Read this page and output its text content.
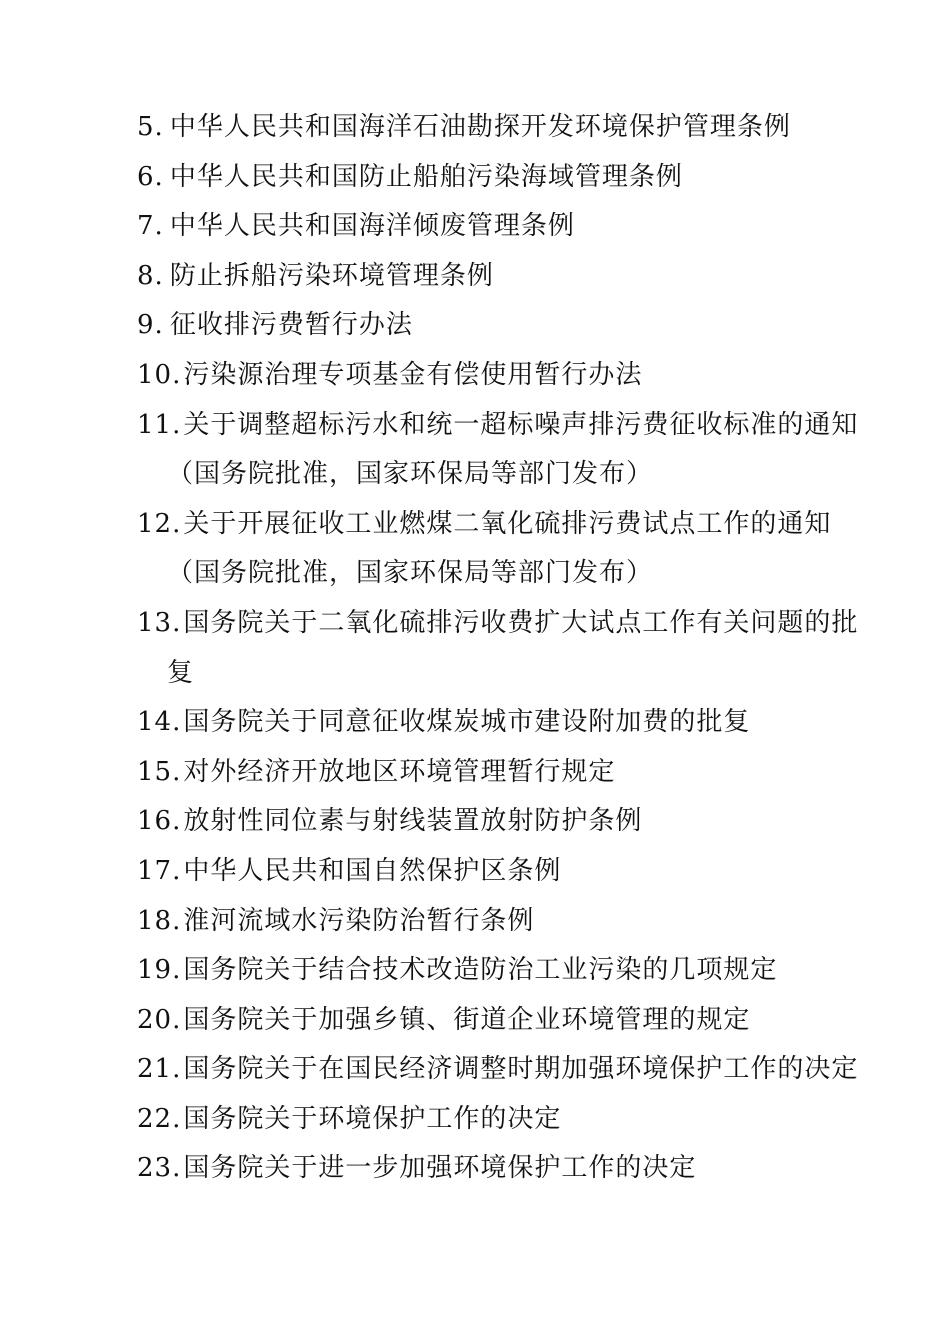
5. 中华人民共和国海洋石油勘探开发环境保护管理条例
6. 中华人民共和国防止船舶污染海域管理条例
7. 中华人民共和国海洋倾废管理条例
8. 防止拆船污染环境管理条例
9. 征收排污费暂行办法
10. 污染源治理专项基金有偿使用暂行办法
11.关于调整超标污水和统一超标噪声排污费征收标准的通知（国务院批准，国家环保局等部门发布）
12.关于开展征收工业燃煤二氧化硫排污费试点工作的通知（国务院批准，国家环保局等部门发布）
13.国务院关于二氧化硫排污收费扩大试点工作有关问题的批复
14. 国务院关于同意征收煤炭城市建设附加费的批复
15. 对外经济开放地区环境管理暂行规定
16. 放射性同位素与射线装置放射防护条例
17. 中华人民共和国自然保护区条例
18. 淮河流域水污染防治暂行条例
19. 国务院关于结合技术改造防治工业污染的几项规定
20. 国务院关于加强乡镇、街道企业环境管理的规定
21.国务院关于在国民经济调整时期加强环境保护工作的决定
22. 国务院关于环境保护工作的决定
23. 国务院关于进一步加强环境保护工作的决定
